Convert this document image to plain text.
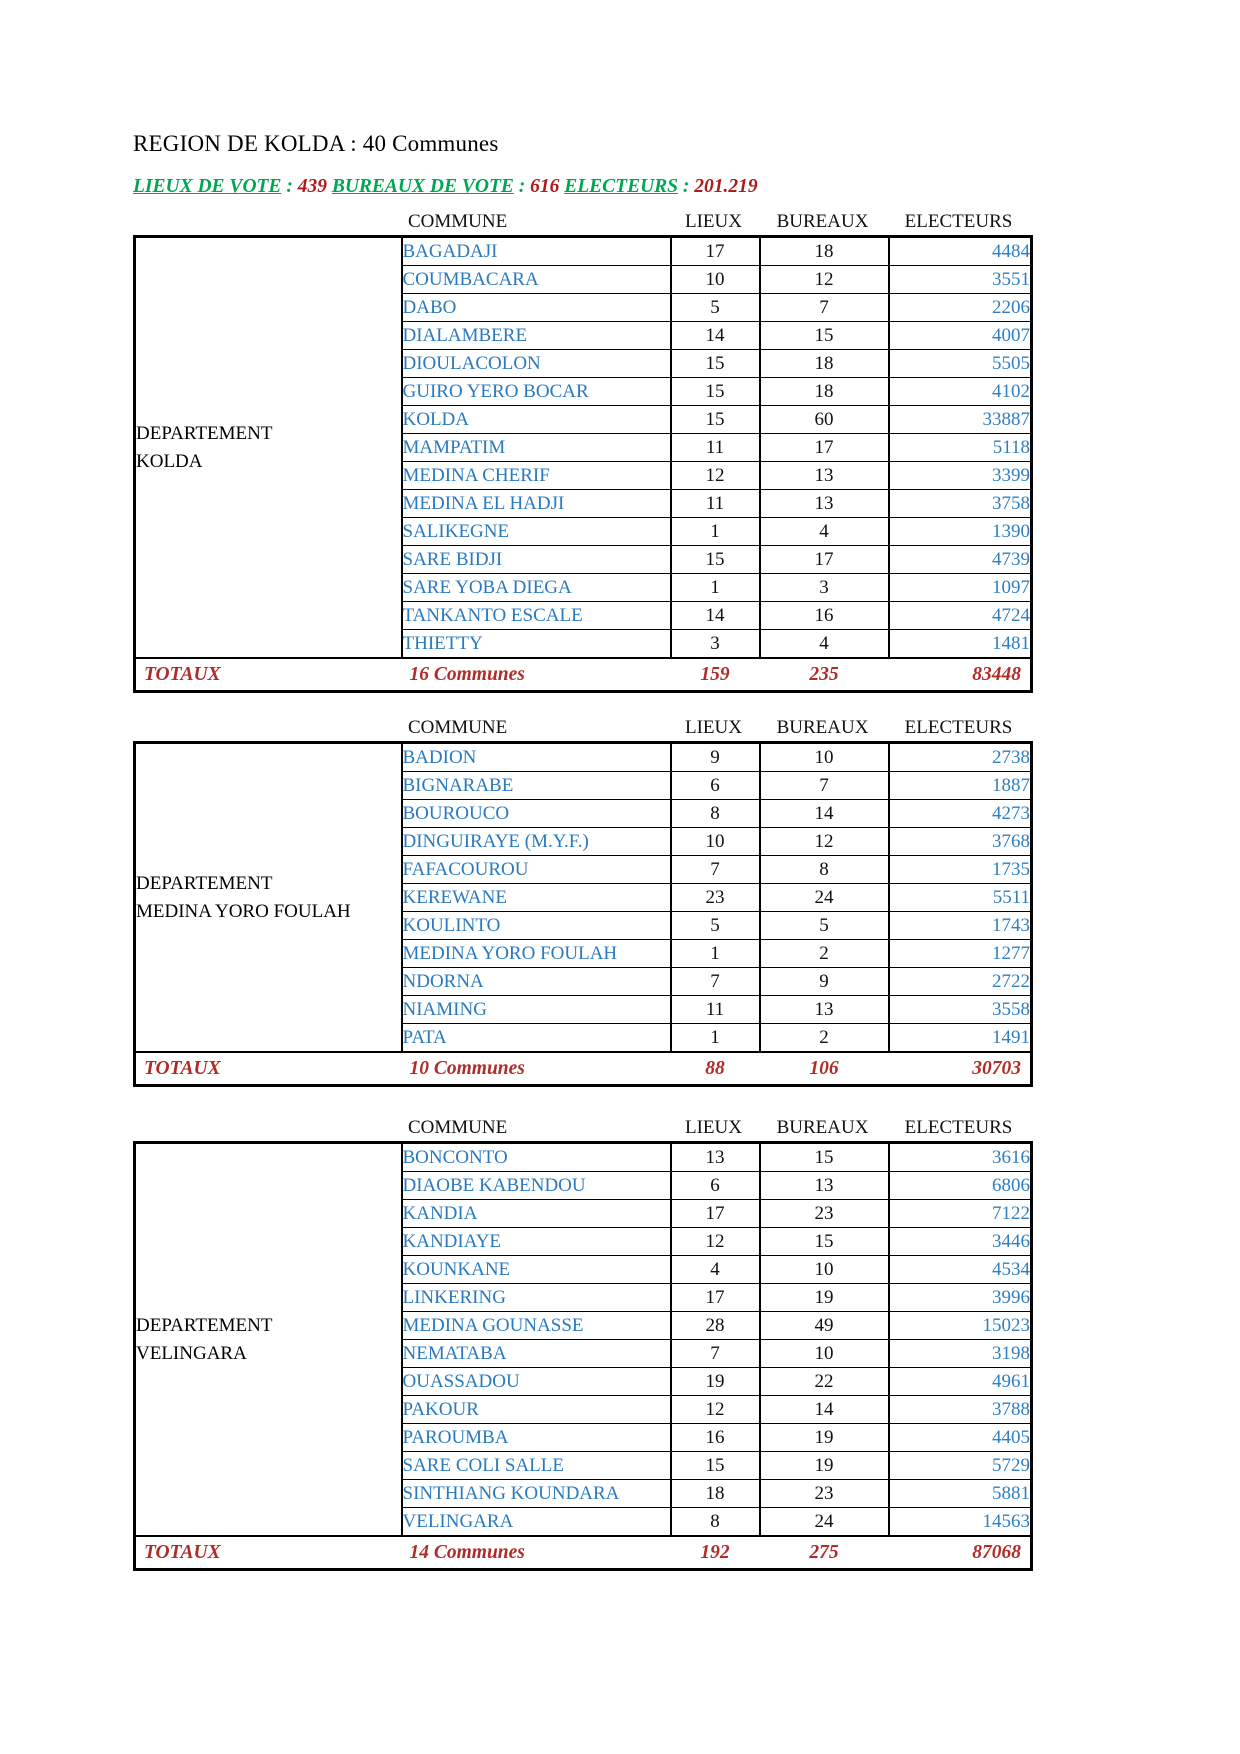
REGION DE KOLDA : 40 Communes
LIEUX DE VOTE : 439 BUREAUX DE VOTE : 616 ELECTEURS : 201.219

COMMUNE	LIEUX	BUREAUX	ELECTEURS
DEPARTEMENT
KOLDA	BAGADAJI	17	18	4484
	COUMBACARA	10	12	3551
	DABO	5	7	2206
	DIALAMBERE	14	15	4007
	DIOULACOLON	15	18	5505
	GUIRO YERO BOCAR	15	18	4102
	KOLDA	15	60	33887
	MAMPATIM	11	17	5118
	MEDINA CHERIF	12	13	3399
	MEDINA EL HADJI	11	13	3758
	SALIKEGNE	1	4	1390
	SARE BIDJI	15	17	4739
	SARE YOBA DIEGA	1	3	1097
	TANKANTO ESCALE	14	16	4724
	THIETTY	3	4	1481
TOTAUX	16 Communes	159	235	83448
COMMUNE	LIEUX	BUREAUX	ELECTEURS
DEPARTEMENT
MEDINA YORO FOULAH	BADION	9	10	2738
	BIGNARABE	6	7	1887
	BOUROUCO	8	14	4273
	DINGUIRAYE (M.Y.F.)	10	12	3768
	FAFACOUROU	7	8	1735
	KEREWANE	23	24	5511
	KOULINTO	5	5	1743
	MEDINA YORO FOULAH	1	2	1277
	NDORNA	7	9	2722
	NIAMING	11	13	3558
	PATA	1	2	1491
TOTAUX	10 Communes	88	106	30703
COMMUNE	LIEUX	BUREAUX	ELECTEURS
DEPARTEMENT
VELINGARA	BONCONTO	13	15	3616
	DIAOBE KABENDOU	6	13	6806
	KANDIA	17	23	7122
	KANDIAYE	12	15	3446
	KOUNKANE	4	10	4534
	LINKERING	17	19	3996
	MEDINA GOUNASSE	28	49	15023
	NEMATABA	7	10	3198
	OUASSADOU	19	22	4961
	PAKOUR	12	14	3788
	PAROUMBA	16	19	4405
	SARE COLI SALLE	15	19	5729
	SINTHIANG KOUNDARA	18	23	5881
	VELINGARA	8	24	14563
TOTAUX	14 Communes	192	275	87068
